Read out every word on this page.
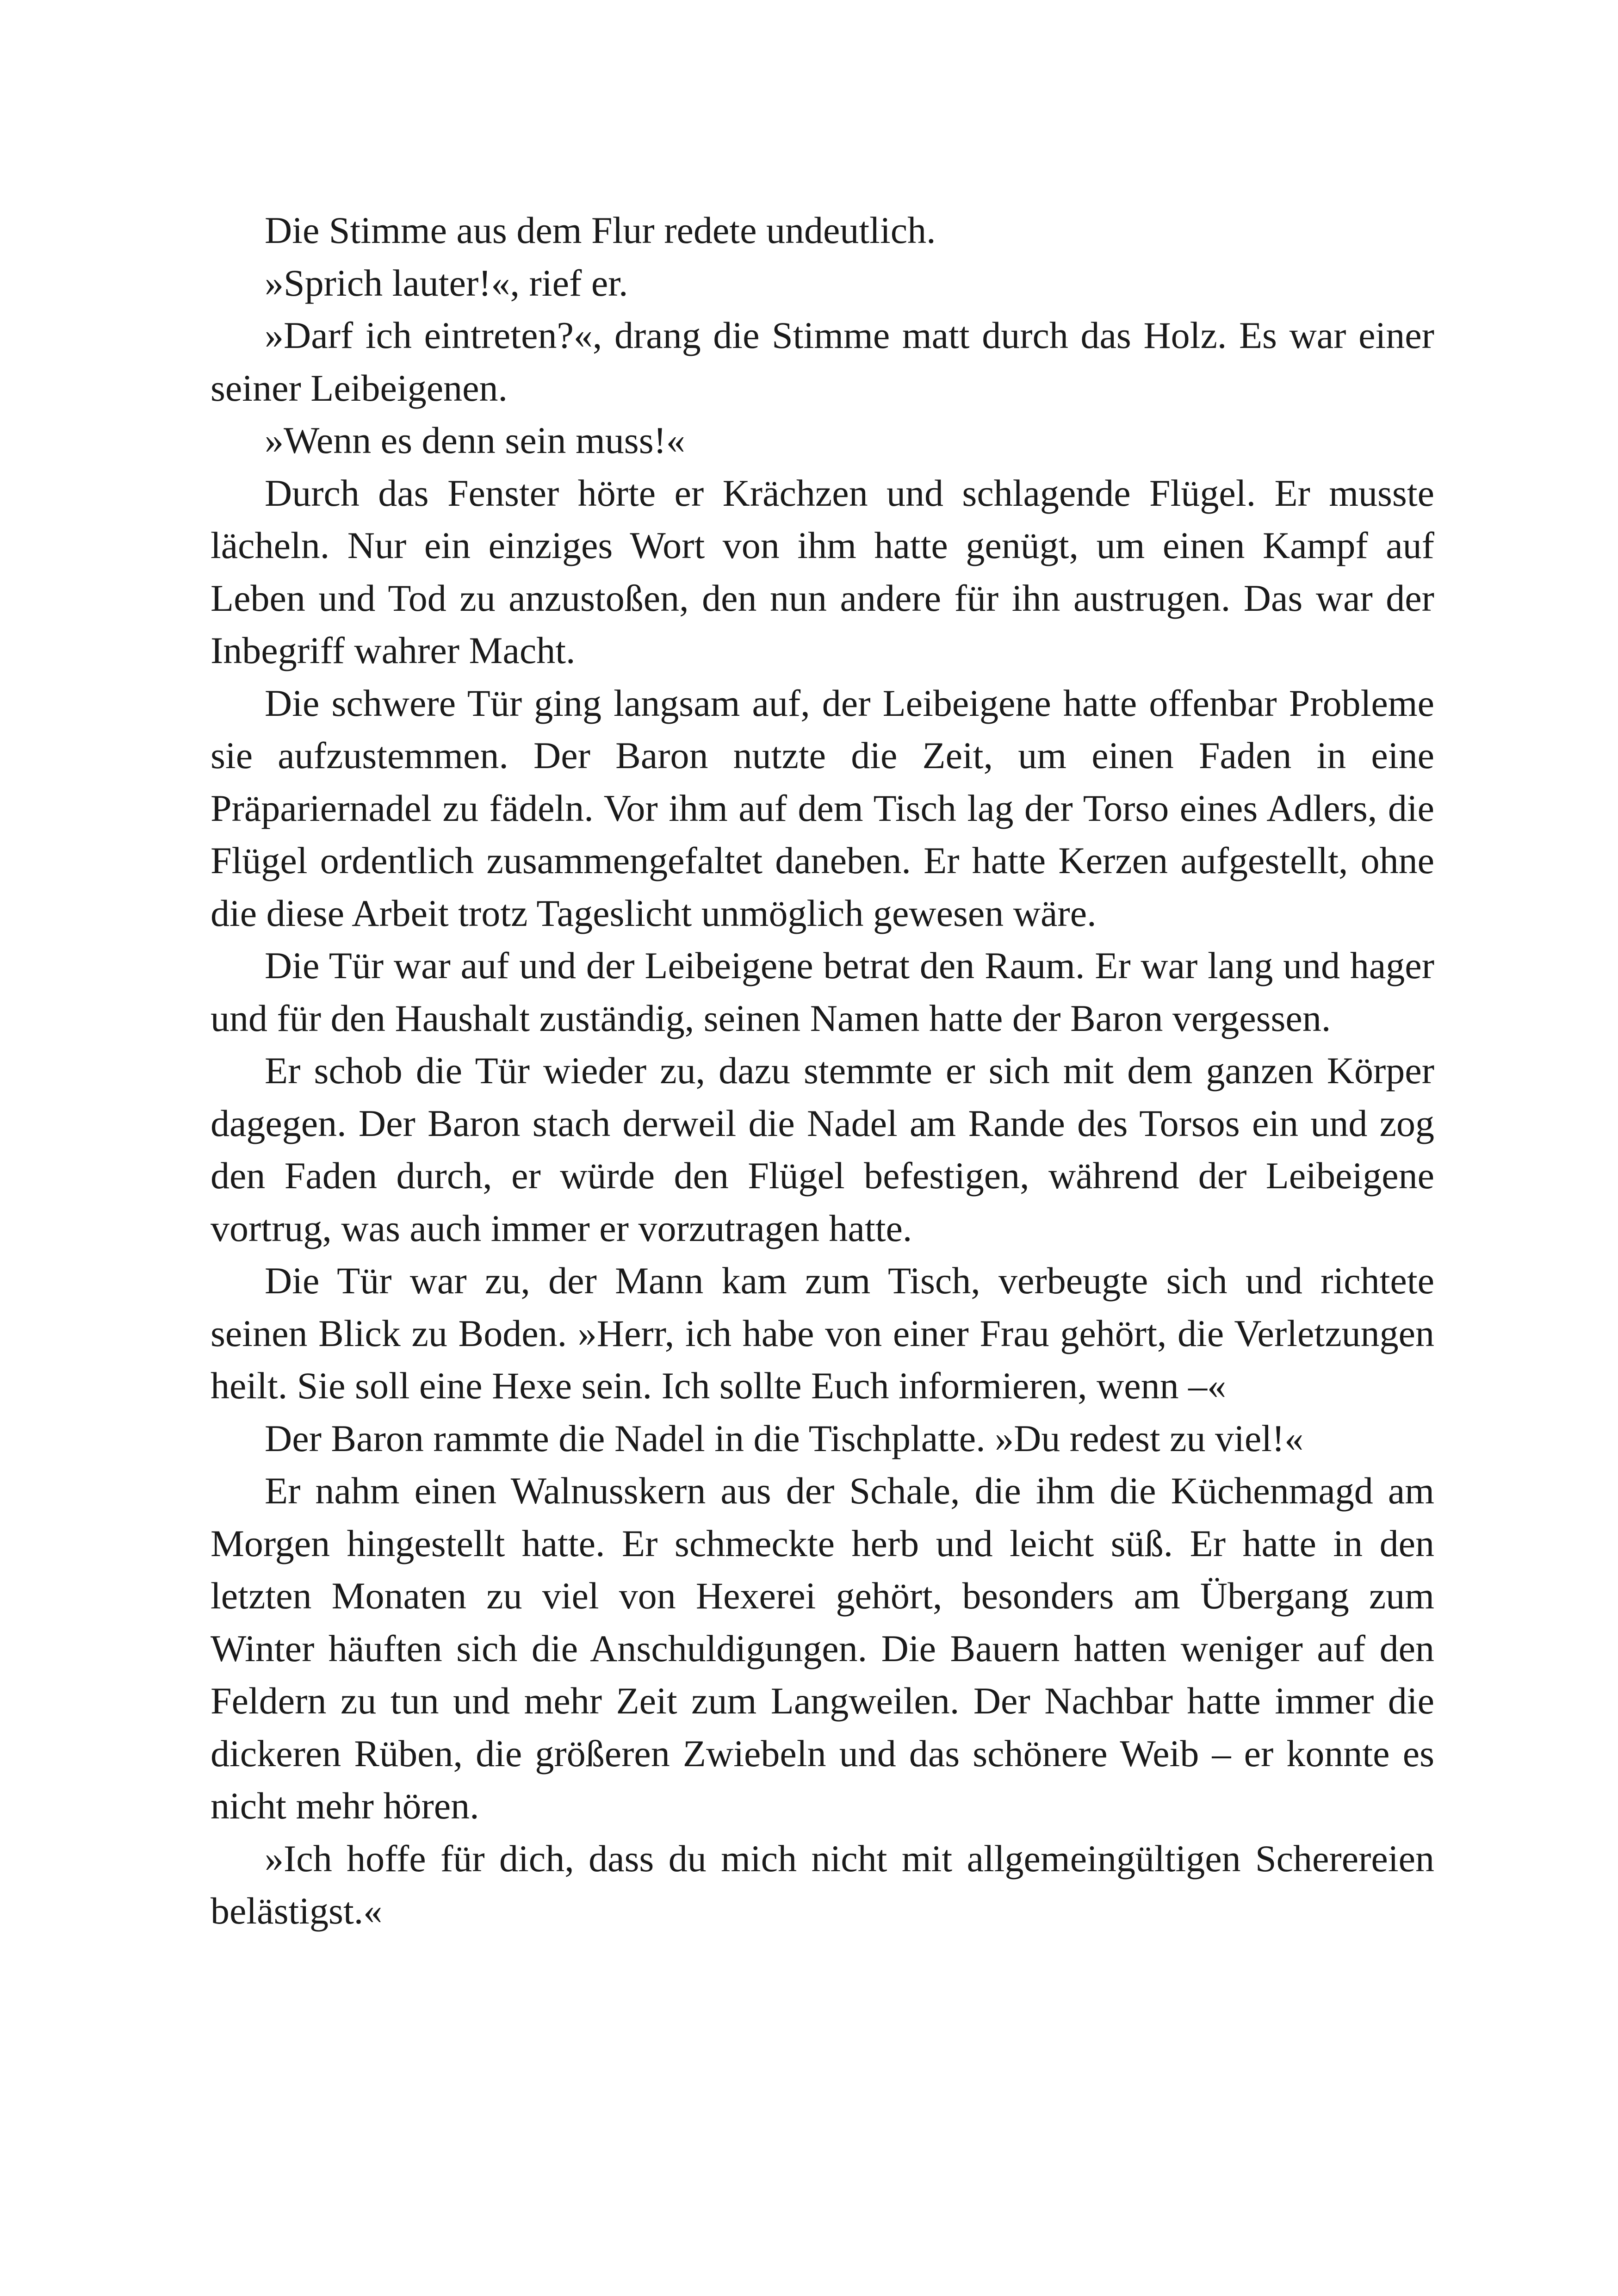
Die Stimme aus dem Flur redete undeutlich.

»Sprich lauter!«, rief er.

»Darf ich eintreten?«, drang die Stimme matt durch das Holz. Es war einer seiner Leibeigenen.

»Wenn es denn sein muss!«

Durch das Fenster hörte er Krächzen und schlagende Flügel. Er musste lächeln. Nur ein einziges Wort von ihm hatte genügt, um einen Kampf auf Leben und Tod zu anzustoßen, den nun andere für ihn austrugen. Das war der Inbegriff wahrer Macht.

Die schwere Tür ging langsam auf, der Leibeigene hatte offenbar Probleme sie aufzustemmen. Der Baron nutzte die Zeit, um einen Faden in eine Präpariernadel zu fädeln. Vor ihm auf dem Tisch lag der Torso eines Adlers, die Flügel ordentlich zusammengefaltet daneben. Er hatte Kerzen aufgestellt, ohne die diese Arbeit trotz Tageslicht unmöglich gewesen wäre.

Die Tür war auf und der Leibeigene betrat den Raum. Er war lang und hager und für den Haushalt zuständig, seinen Namen hatte der Baron vergessen.

Er schob die Tür wieder zu, dazu stemmte er sich mit dem ganzen Körper dagegen. Der Baron stach derweil die Nadel am Rande des Torsos ein und zog den Faden durch, er würde den Flügel befestigen, während der Leibeigene vortrug, was auch immer er vorzutragen hatte.

Die Tür war zu, der Mann kam zum Tisch, verbeugte sich und richtete seinen Blick zu Boden. »Herr, ich habe von einer Frau gehört, die Verletzungen heilt. Sie soll eine Hexe sein. Ich sollte Euch informieren, wenn –«

Der Baron rammte die Nadel in die Tischplatte. »Du redest zu viel!«

Er nahm einen Walnusskern aus der Schale, die ihm die Küchenmagd am Morgen hingestellt hatte. Er schmeckte herb und leicht süß. Er hatte in den letzten Monaten zu viel von Hexerei gehört, besonders am Übergang zum Winter häuften sich die Anschuldigungen. Die Bauern hatten weniger auf den Feldern zu tun und mehr Zeit zum Langweilen. Der Nachbar hatte immer die dickeren Rüben, die größeren Zwiebeln und das schönere Weib – er konnte es nicht mehr hören.

»Ich hoffe für dich, dass du mich nicht mit allgemeingültigen Scherereien belästigst.«
